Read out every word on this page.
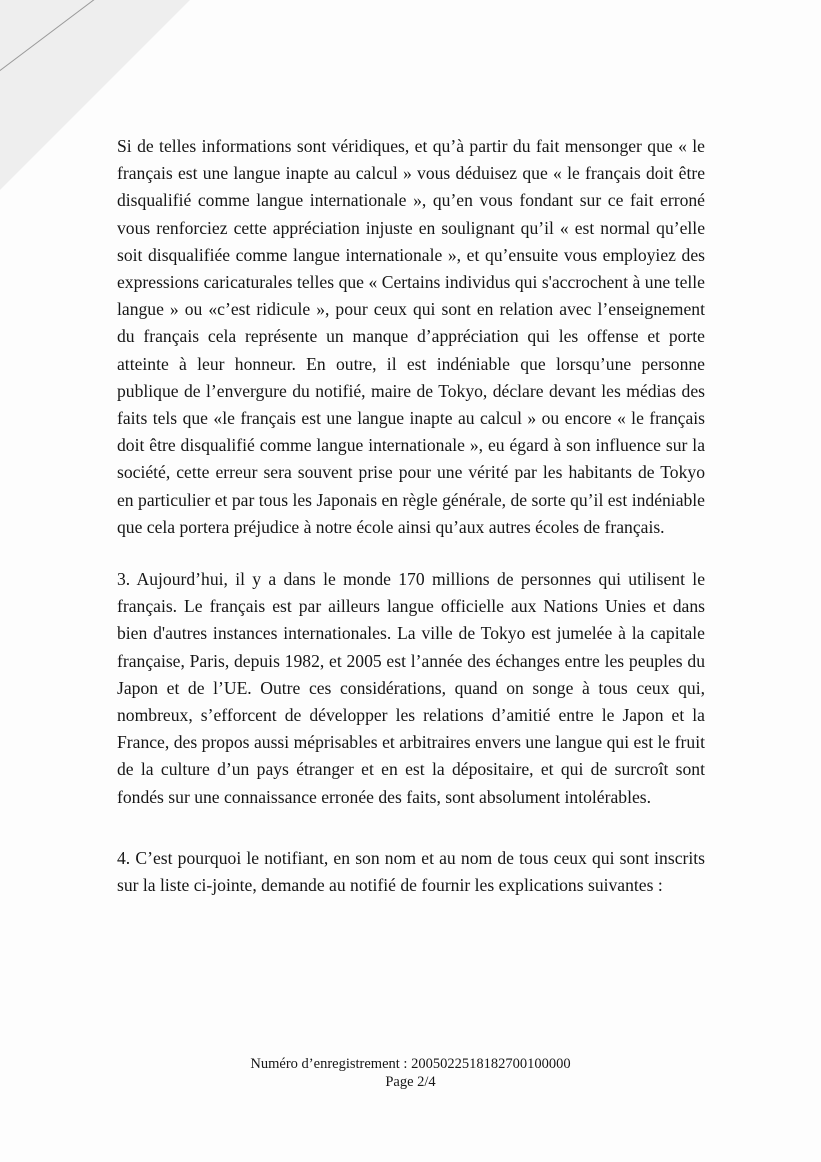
Si de telles informations sont véridiques, et qu’à partir du fait mensonger que « le français est une langue inapte au calcul » vous déduisez que « le français doit être disqualifié comme langue internationale », qu’en vous fondant sur ce fait erroné vous renforciez cette appréciation injuste en soulignant qu’il « est normal qu’elle soit disqualifiée comme langue internationale », et qu’ensuite vous employiez des expressions caricaturales telles que « Certains individus qui s'accrochent à une telle langue » ou «c’est ridicule », pour ceux qui sont en relation avec l’enseignement du français cela représente un manque d’appréciation qui les offense et porte atteinte à leur honneur. En outre, il est indéniable que lorsqu’une personne publique de l’envergure du notifié, maire de Tokyo, déclare devant les médias des faits tels que «le français est une langue inapte au calcul » ou encore « le français doit être disqualifié comme langue internationale », eu égard à son influence sur la société, cette erreur sera souvent prise pour une vérité par les habitants de Tokyo en particulier et par tous les Japonais en règle générale, de sorte qu’il est indéniable que cela portera préjudice à notre école ainsi qu’aux autres écoles de français.

3. Aujourd’hui, il y a dans le monde 170 millions de personnes qui utilisent le français. Le français est par ailleurs langue officielle aux Nations Unies et dans bien d'autres instances internationales. La ville de Tokyo est jumelée à la capitale française, Paris, depuis 1982, et 2005 est l’année des échanges entre les peuples du Japon et de l’UE. Outre ces considérations, quand on songe à tous ceux qui, nombreux, s’efforcent de développer les relations d’amitié entre le Japon et la France, des propos aussi méprisables et arbitraires envers une langue qui est le fruit de la culture d’un pays étranger et en est la dépositaire, et qui de surcroît sont fondés sur une connaissance erronée des faits, sont absolument intolérables.

4. C’est pourquoi le notifiant, en son nom et au nom de tous ceux qui sont inscrits sur la liste ci-jointe, demande au notifié de fournir les explications suivantes :

Numéro d’enregistrement : 2005022518182700100000
Page 2/4
